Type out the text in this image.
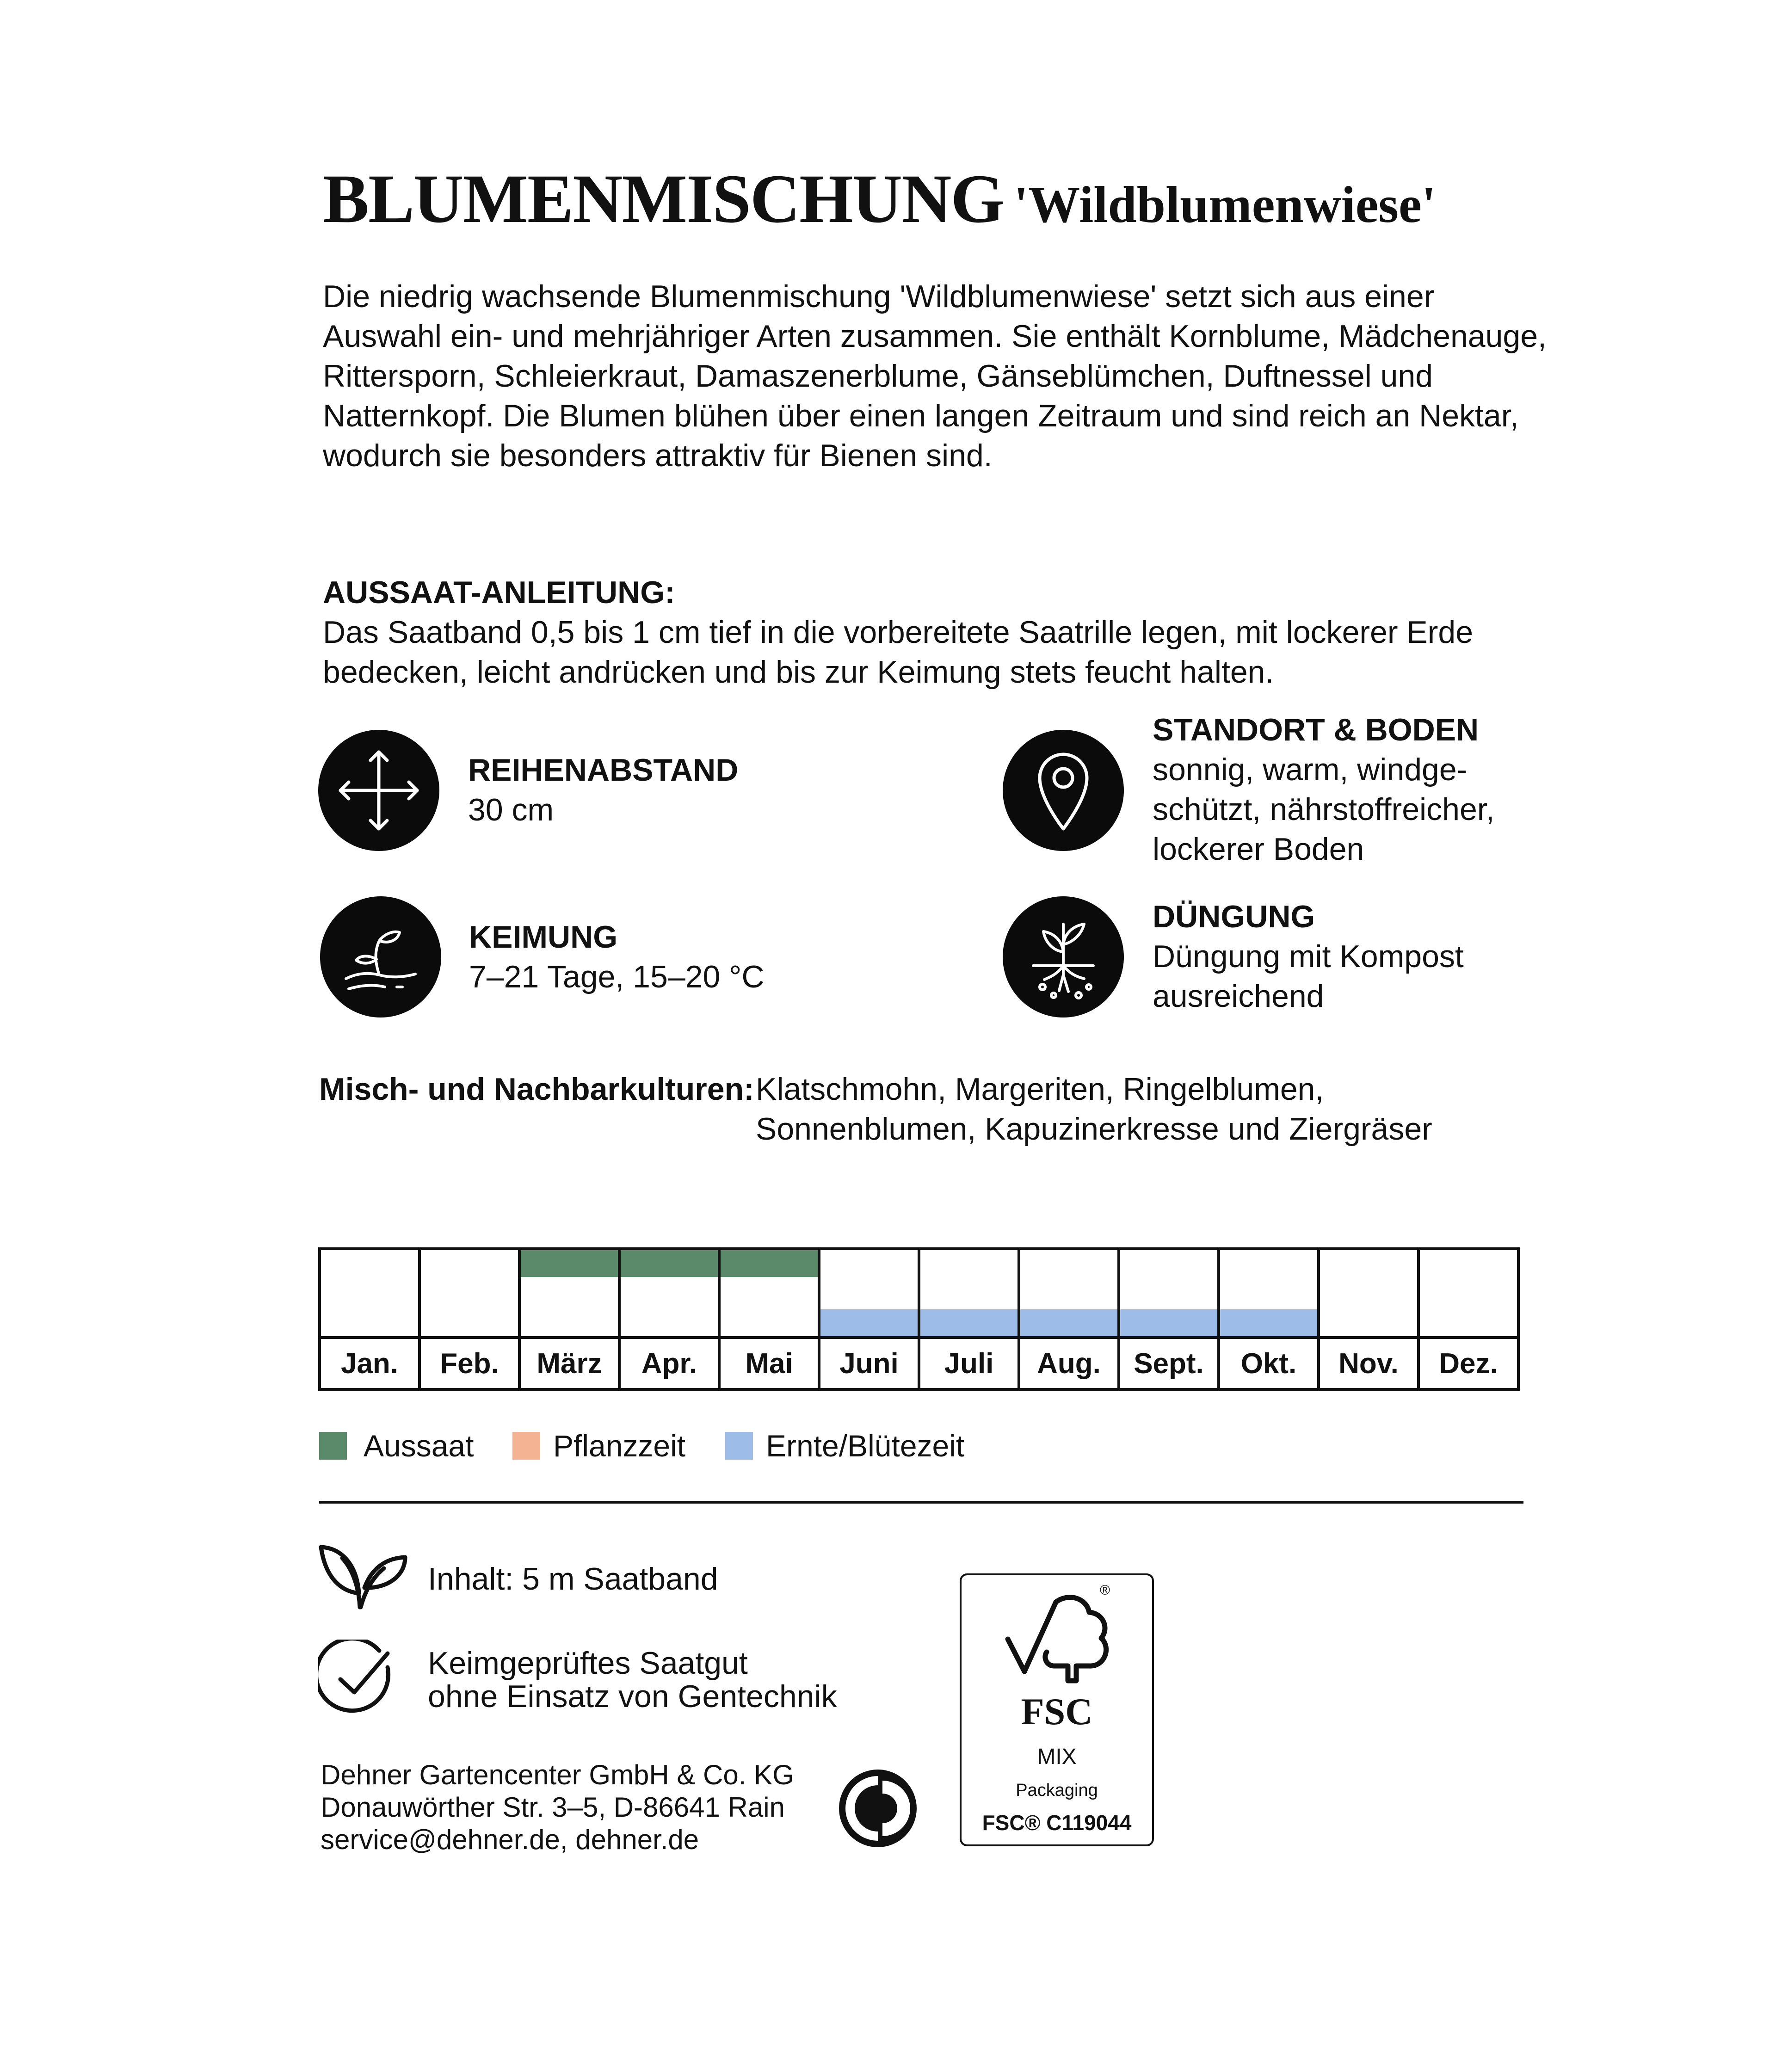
BLUMENMISCHUNG 'Wildblumenwiese'
Die niedrig wachsende Blumenmischung 'Wildblumenwiese' setzt sich aus einer
Auswahl ein- und mehrjähriger Arten zusammen. Sie enthält Kornblume, Mädchenauge,
Rittersporn, Schleierkraut, Damaszenerblume, Gänseblümchen, Duftnessel und
Natternkopf. Die Blumen blühen über einen langen Zeitraum und sind reich an Nektar,
wodurch sie besonders attraktiv für Bienen sind.
AUSSAAT-ANLEITUNG:
Das Saatband 0,5 bis 1 cm tief in die vorbereitete Saatrille legen, mit lockerer Erde
bedecken, leicht andrücken und bis zur Keimung stets feucht halten.
REIHENABSTAND
30 cm
STANDORT & BODEN
sonnig, warm, windge-
schützt, nährstoffreicher,
lockerer Boden
KEIMUNG
7–21 Tage, 15–20 °C
DÜNGUNG
Düngung mit Kompost
ausreichend
Misch- und Nachbarkulturen: Klatschmohn, Margeriten, Ringelblumen,
Sonnenblumen, Kapuzinerkresse und Ziergräser

Jan.	Feb.	März	Apr.	Mai	Juni	Juli	Aug.	Sept.	Okt.	Nov.	Dez.
Aussaat	Pflanzzeit	Ernte/Blütezeit
Inhalt: 5 m Saatband
Keimgeprüftes Saatgut
ohne Einsatz von Gentechnik
Dehner Gartencenter GmbH & Co. KG
Donauwörther Str. 3–5, D-86641 Rain
service@dehner.de, dehner.de
®
FSC
MIX
Packaging
FSC® C119044
